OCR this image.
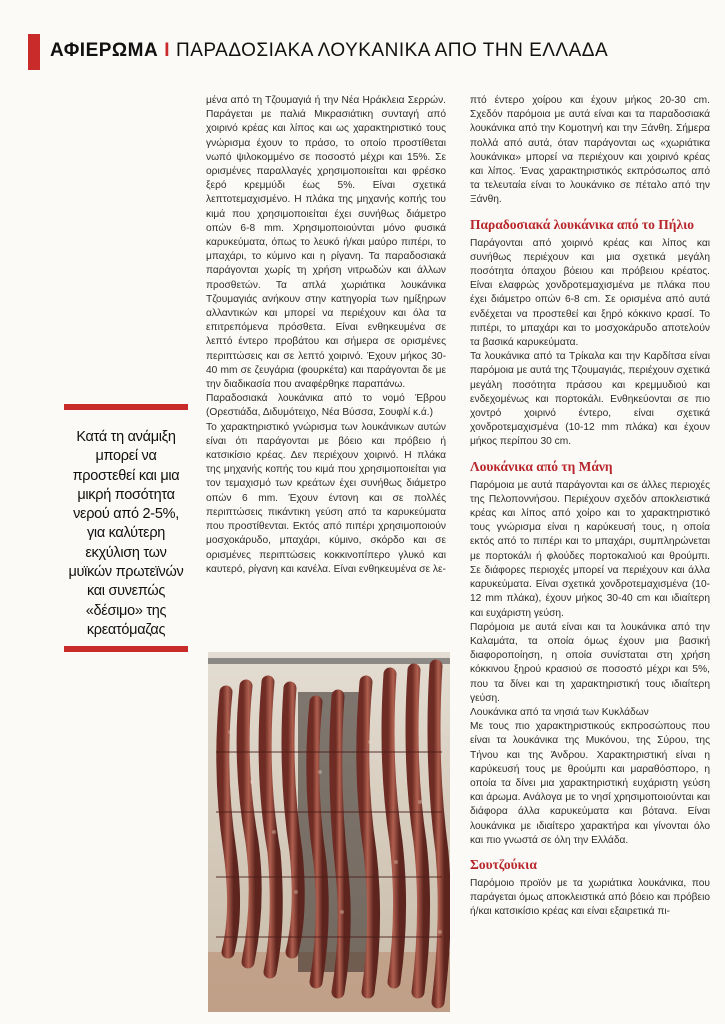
ΑΦΙΕΡΩΜΑ I ΠΑΡΑΔΟΣΙΑΚΑ ΛΟΥΚΑΝΙΚΑ ΑΠΟ ΤΗΝ ΕΛΛΑΔΑ
Κατά τη ανάμιξη μπορεί να προστεθεί και μια μικρή ποσότητα νερού από 2-5%, για καλύτερη εκχύλιση των μυϊκών πρωτεϊνών και συνεπώς «δέσιμο» της κρεατόμαζας

μένα από τη Τζουμαγιά ή την Νέα Ηράκλεια Σερρών. Παράγεται με παλιά Μικρασιάτικη συνταγή από χοιρινό κρέας και λίπος και ως χαρακτηριστικό τους γνώρισμα έχουν το πράσο, το οποίο προστίθεται νωπό ψιλοκομμένο σε ποσοστό μέχρι και 15%. Σε ορισμένες παραλλαγές χρησιμοποιείται και φρέσκο ξερό κρεμμύδι έως 5%. Είναι σχετικά λεπτοτεμαχισμένο. Η πλάκα της μηχανής κοπής του κιμά που χρησιμοποιείται έχει συνήθως διάμετρο οπών 6-8 mm. Χρησιμοποιούνται μόνο φυσικά καρυκεύματα, όπως το λευκό ή/και μαύρο πιπέρι, το μπαχάρι, το κύμινο και η ρίγανη. Τα παραδοσιακά παράγονται χωρίς τη χρήση νιτρωδών και άλλων προσθετών. Τα απλά χωριάτικα λουκάνικα Τζουμαγιάς ανήκουν στην κατηγορία των ημίξηρων αλλαντικών και μπορεί να περιέχουν και όλα τα επιτρεπόμενα πρόσθετα. Είναι ενθηκευμένα σε λεπτό έντερο προβάτου και σήμερα σε ορισμένες περιπτώσεις και σε λεπτό χοιρινό. Έχουν μήκος 30-40 mm σε ζευγάρια (φουρκέτα) και παράγονται δε με την διαδικασία που αναφέρθηκε παραπάνω.

Παραδοσιακά λουκάνικα από το νομό Έβρου (Ορεστιάδα, Διδυμότειχο, Νέα Βύσσα, Σουφλί κ.ά.)

Το χαρακτηριστικό γνώρισμα των λουκάνικων αυτών είναι ότι παράγονται με βόειο και πρόβειο ή κατσικίσιο κρέας. Δεν περιέχουν χοιρινό. Η πλάκα της μηχανής κοπής του κιμά που χρησιμοποιείται για τον τεμαχισμό των κρεάτων έχει συνήθως διάμετρο οπών 6 mm. Έχουν έντονη και σε πολλές περιπτώσεις πικάντικη γεύση από τα καρυκεύματα που προστίθενται. Εκτός από πιπέρι χρησιμοποιούν μοσχοκάρυδο, μπαχάρι, κύμινο, σκόρδο και σε ορισμένες περιπτώσεις κοκκινοπίπερο γλυκό και καυτερό, ρίγανη και κανέλα. Είναι ενθηκευμένα σε λε-

πτό έντερο χοίρου και έχουν μήκος 20-30 cm. Σχεδόν παρόμοια με αυτά είναι και τα παραδοσιακά λουκάνικα από την Κομοτηνή και την Ξάνθη. Σήμερα πολλά από αυτά, όταν παράγονται ως «χωριάτικα λουκάνικα» μπορεί να περιέχουν και χοιρινό κρέας και λίπος. Ένας χαρακτηριστικός εκπρόσωπος από τα τελευταία είναι το λουκάνικο σε πέταλο από την Ξάνθη.

Παραδοσιακά λουκάνικα από το Πήλιο

Παράγονται από χοιρινό κρέας και λίπος και συνήθως περιέχουν και μια σχετικά μεγάλη ποσότητα όπαχου βόειου και πρόβειου κρέατος. Είναι ελαφρώς χονδροτεμαχισμένα με πλάκα που έχει διάμετρο οπών 6-8 cm. Σε ορισμένα από αυτά ενδέχεται να προστεθεί και ξηρό κόκκινο κρασί. Το πιπέρι, το μπαχάρι και το μοσχοκάρυδο αποτελούν τα βασικά καρυκεύματα.

Τα λουκάνικα από τα Τρίκαλα και την Καρδίτσα είναι παρόμοια με αυτά της Τζουμαγιάς, περιέχουν σχετικά μεγάλη ποσότητα πράσου και κρεμμυδιού και ενδεχομένως και πορτοκάλι. Ενθηκεύονται σε πιο χοντρό χοιρινό έντερο, είναι σχετικά χονδροτεμαχισμένα (10-12 mm πλάκα) και έχουν μήκος περίπου 30 cm.

Λουκάνικα από τη Μάνη

Παρόμοια με αυτά παράγονται και σε άλλες περιοχές της Πελοποννήσου. Περιέχουν σχεδόν αποκλειστικά κρέας και λίπος από χοίρο και το χαρακτηριστικό τους γνώρισμα είναι η καρύκευσή τους, η οποία εκτός από το πιπέρι και το μπαχάρι, συμπληρώνεται με πορτοκάλι ή φλούδες πορτοκαλιού και θρούμπι. Σε διάφορες περιοχές μπορεί να περιέχουν και άλλα καρυκεύματα. Είναι σχετικά χονδροτεμαχισμένα (10-12 mm πλάκα), έχουν μήκος 30-40 cm και ιδιαίτερη και ευχάριστη γεύση.

Παρόμοια με αυτά είναι και τα λουκάνικα από την Καλαμάτα, τα οποία όμως έχουν μια βασική διαφοροποίηση, η οποία συνίσταται στη χρήση κόκκινου ξηρού κρασιού σε ποσοστό μέχρι και 5%, που τα δίνει και τη χαρακτηριστική τους ιδιαίτερη γεύση.

Λουκάνικα από τα νησιά των Κυκλάδων

Με τους πιο χαρακτηριστικούς εκπροσώπους που είναι τα λουκάνικα της Μυκόνου, της Σύρου, της Τήνου και της Άνδρου. Χαρακτηριστική είναι η καρύκευσή τους με θρούμπι και μαραθόσπορο, η οποία τα δίνει μια χαρακτηριστική ευχάριστη γεύση και άρωμα. Ανάλογα με το νησί χρησιμοποιούνται και διάφορα άλλα καρυκεύματα και βότανα. Είναι λουκάνικα με ιδιαίτερο χαρακτήρα και γίνονται όλο και πιο γνωστά σε όλη την Ελλάδα.

Σουτζούκια

Παρόμοιο προϊόν με τα χωριάτικα λουκάνικα, που παράγεται όμως αποκλειστικά από βόειο και πρόβειο ή/και κατσικίσιο κρέας και είναι εξαιρετικά πι-
